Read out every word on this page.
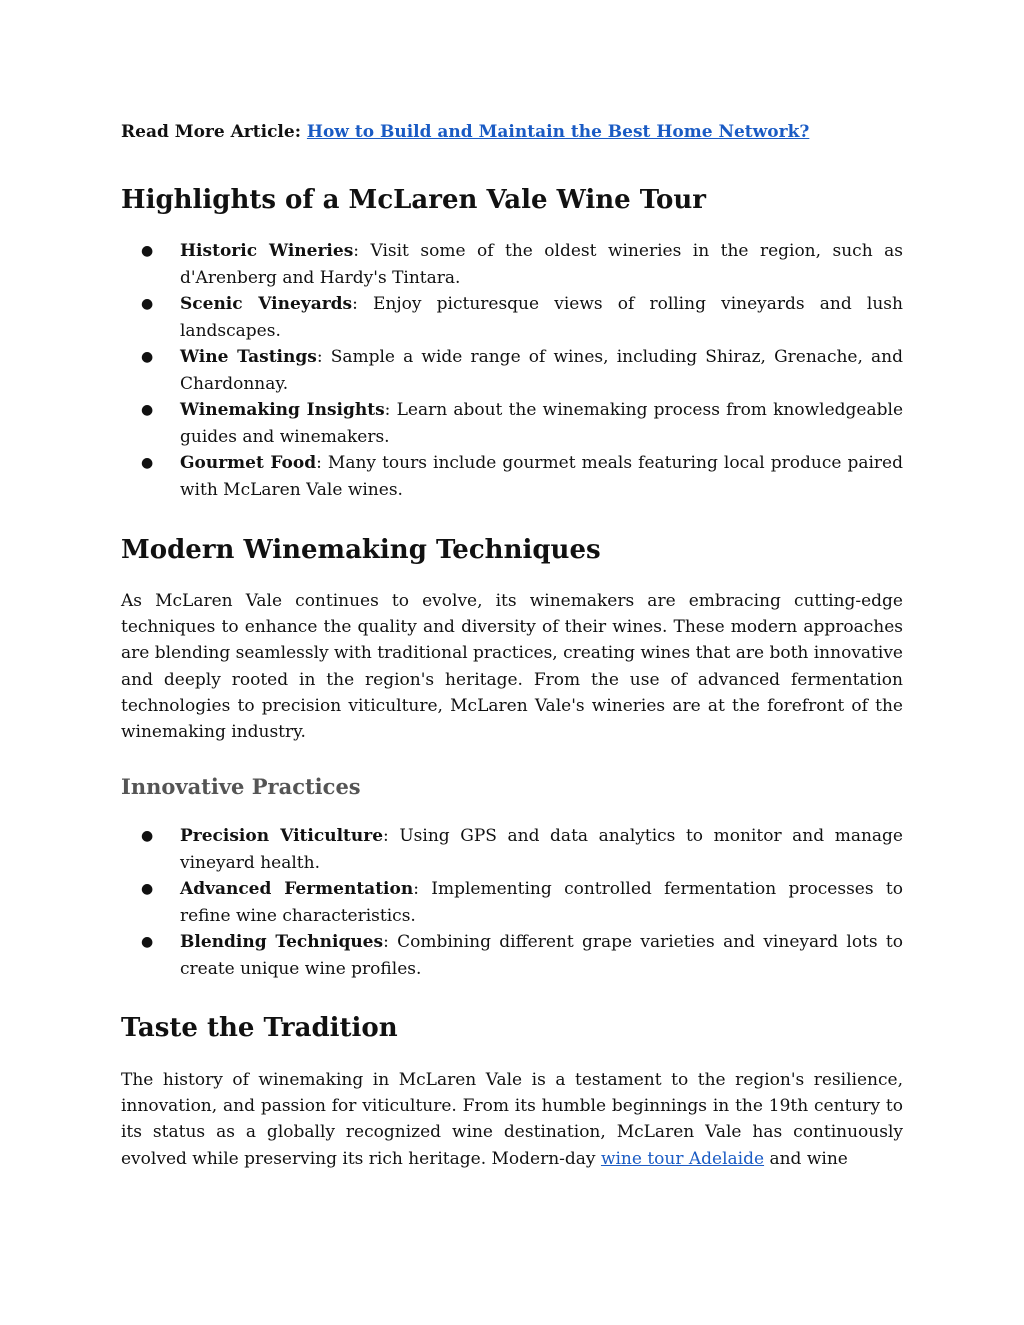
Read More Article: How to Build and Maintain the Best Home Network?
Highlights of a McLaren Vale Wine Tour
● Historic Wineries: Visit some of the oldest wineries in the region, such as d'Arenberg and Hardy's Tintara.
● Scenic Vineyards: Enjoy picturesque views of rolling vineyards and lush landscapes.
● Wine Tastings: Sample a wide range of wines, including Shiraz, Grenache, and Chardonnay.
● Winemaking Insights: Learn about the winemaking process from knowledgeable guides and winemakers.
● Gourmet Food: Many tours include gourmet meals featuring local produce paired with McLaren Vale wines.
Modern Winemaking Techniques

As McLaren Vale continues to evolve, its winemakers are embracing cutting-edge techniques to enhance the quality and diversity of their wines. These modern approaches are blending seamlessly with traditional practices, creating wines that are both innovative and deeply rooted in the region's heritage. From the use of advanced fermentation technologies to precision viticulture, McLaren Vale's wineries are at the forefront of the winemaking industry.

Innovative Practices
● Precision Viticulture: Using GPS and data analytics to monitor and manage vineyard health.
● Advanced Fermentation: Implementing controlled fermentation processes to refine wine characteristics.
● Blending Techniques: Combining different grape varieties and vineyard lots to create unique wine profiles.
Taste the Tradition

The history of winemaking in McLaren Vale is a testament to the region's resilience, innovation, and passion for viticulture. From its humble beginnings in the 19th century to its status as a globally recognized wine destination, McLaren Vale has continuously evolved while preserving its rich heritage. Modern-day wine tour Adelaide and wine
